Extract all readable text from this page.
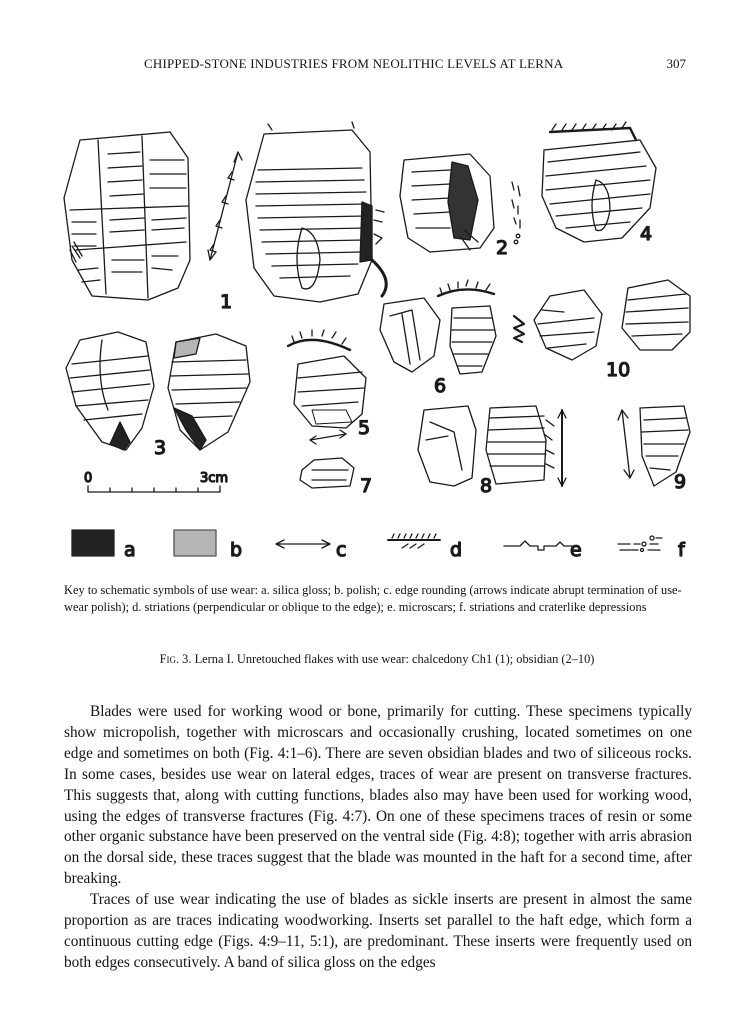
CHIPPED-STONE INDUSTRIES FROM NEOLITHIC LEVELS AT LERNA	307
1
2
4
3
5
7
0	3cm
6
10
8	9
a	b	c	d	e	f
Key to schematic symbols of use wear: a. silica gloss; b. polish; c. edge rounding (arrows indicate abrupt termination of use-wear polish); d. striations (perpendicular or oblique to the edge); e. microscars; f. striations and craterlike depressions
Fig. 3. Lerna I. Unretouched flakes with use wear: chalcedony Ch1 (1); obsidian (2–10)

Blades were used for working wood or bone, primarily for cutting. These specimens typically show micropolish, together with microscars and occasionally crushing, located sometimes on one edge and sometimes on both (Fig. 4:1–6). There are seven obsidian blades and two of siliceous rocks. In some cases, besides use wear on lateral edges, traces of wear are present on transverse fractures. This suggests that, along with cutting functions, blades also may have been used for working wood, using the edges of transverse fractures (Fig. 4:7). On one of these specimens traces of resin or some other organic substance have been preserved on the ventral side (Fig. 4:8); together with arris abrasion on the dorsal side, these traces suggest that the blade was mounted in the haft for a second time, after breaking.

Traces of use wear indicating the use of blades as sickle inserts are present in almost the same proportion as are traces indicating woodworking. Inserts set parallel to the haft edge, which form a continuous cutting edge (Figs. 4:9–11, 5:1), are predominant. These inserts were frequently used on both edges consecutively. A band of silica gloss on the edges
